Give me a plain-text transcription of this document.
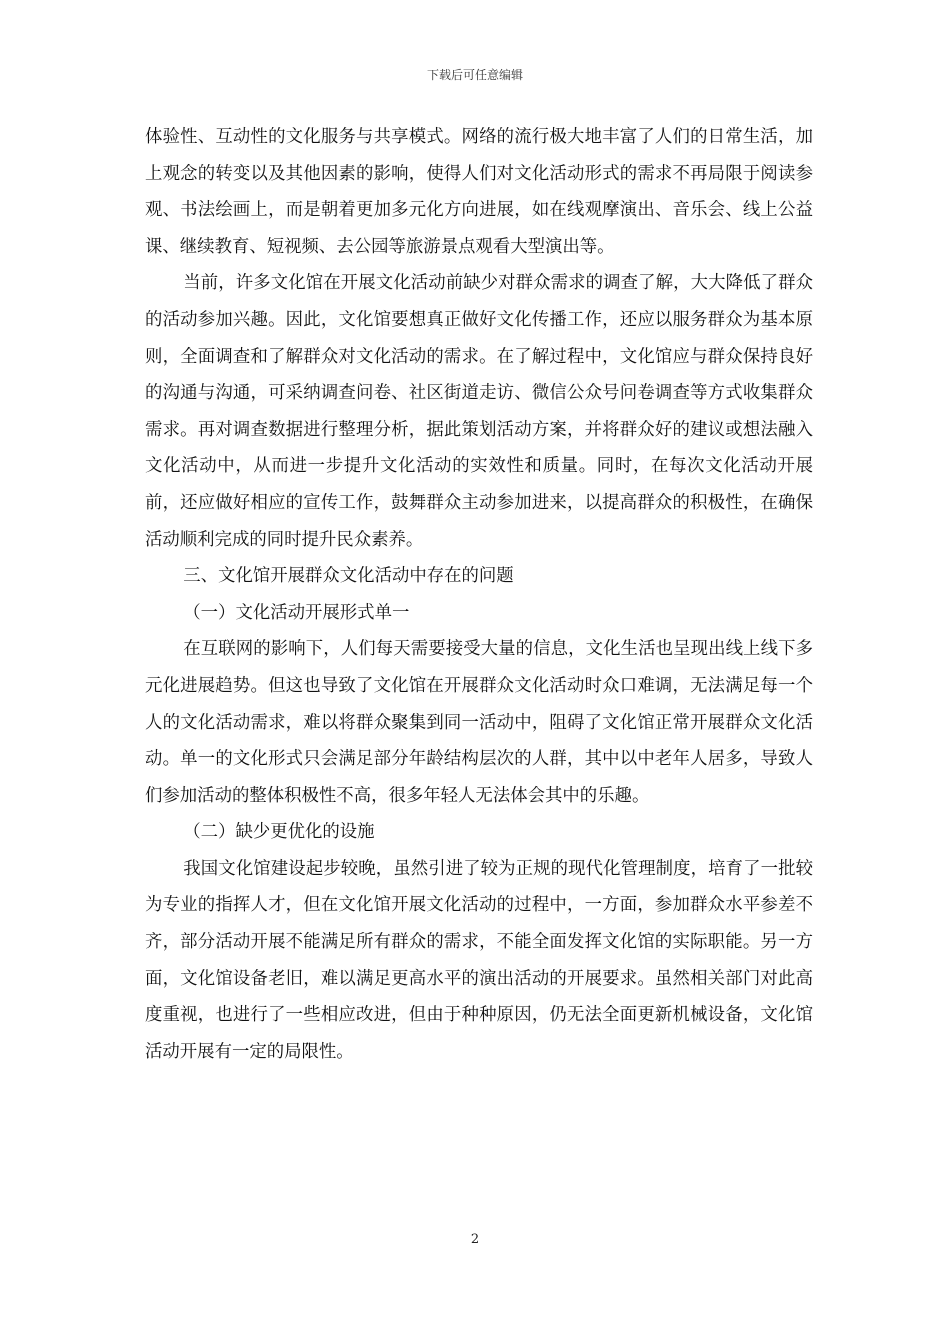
下载后可任意编辑

体验性、互动性的文化服务与共享模式。网络的流行极大地丰富了人们的日常生活，加上观念的转变以及其他因素的影响，使得人们对文化活动形式的需求不再局限于阅读参观、书法绘画上，而是朝着更加多元化方向进展，如在线观摩演出、音乐会、线上公益课、继续教育、短视频、去公园等旅游景点观看大型演出等。

当前，许多文化馆在开展文化活动前缺少对群众需求的调查了解，大大降低了群众的活动参加兴趣。因此，文化馆要想真正做好文化传播工作，还应以服务群众为基本原则，全面调查和了解群众对文化活动的需求。在了解过程中，文化馆应与群众保持良好的沟通与沟通，可采纳调查问卷、社区街道走访、微信公众号问卷调查等方式收集群众需求。再对调查数据进行整理分析，据此策划活动方案，并将群众好的建议或想法融入文化活动中，从而进一步提升文化活动的实效性和质量。同时，在每次文化活动开展前，还应做好相应的宣传工作，鼓舞群众主动参加进来，以提高群众的积极性，在确保活动顺利完成的同时提升民众素养。

三、文化馆开展群众文化活动中存在的问题

（一）文化活动开展形式单一

在互联网的影响下，人们每天需要接受大量的信息，文化生活也呈现出线上线下多元化进展趋势。但这也导致了文化馆在开展群众文化活动时众口难调，无法满足每一个人的文化活动需求，难以将群众聚集到同一活动中，阻碍了文化馆正常开展群众文化活动。单一的文化形式只会满足部分年龄结构层次的人群，其中以中老年人居多，导致人们参加活动的整体积极性不高，很多年轻人无法体会其中的乐趣。

（二）缺少更优化的设施

我国文化馆建设起步较晚，虽然引进了较为正规的现代化管理制度，培育了一批较为专业的指挥人才，但在文化馆开展文化活动的过程中，一方面，参加群众水平参差不齐，部分活动开展不能满足所有群众的需求，不能全面发挥文化馆的实际职能。另一方面，文化馆设备老旧，难以满足更高水平的演出活动的开展要求。虽然相关部门对此高度重视，也进行了一些相应改进，但由于种种原因，仍无法全面更新机械设备，文化馆活动开展有一定的局限性。

2
